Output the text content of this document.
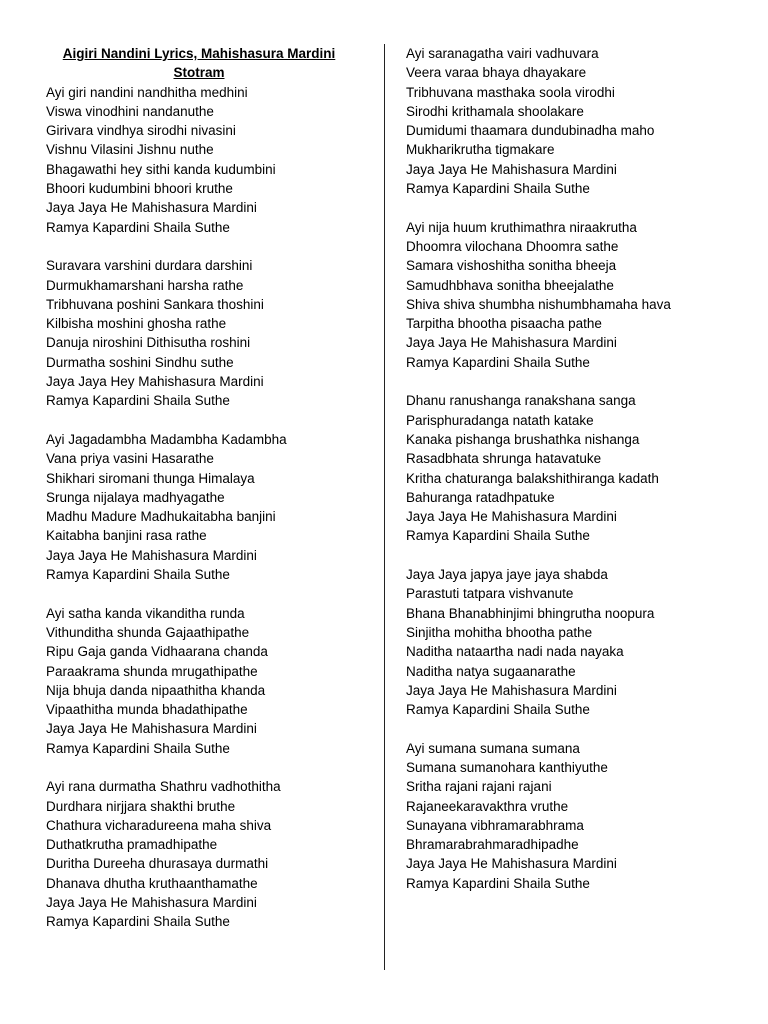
Aigiri Nandini Lyrics, Mahishasura Mardini Stotram
Ayi giri nandini nandhitha medhini
Viswa vinodhini nandanuthe
Girivara vindhya sirodhi nivasini
Vishnu Vilasini Jishnu nuthe
Bhagawathi hey sithi kanda kudumbini
Bhoori kudumbini bhoori kruthe
Jaya Jaya He Mahishasura Mardini
Ramya Kapardini Shaila Suthe
Suravara varshini durdara darshini
Durmukhamarshani harsha rathe
Tribhuvana poshini Sankara thoshini
Kilbisha moshini ghosha rathe
Danuja niroshini Dithisutha roshini
Durmatha soshini Sindhu suthe
Jaya Jaya Hey Mahishasura Mardini
Ramya Kapardini Shaila Suthe
Ayi Jagadambha Madambha Kadambha
Vana priya vasini Hasarathe
Shikhari siromani thunga Himalaya
Srunga nijalaya madhyagathe
Madhu Madure Madhukaitabha banjini
Kaitabha banjini rasa rathe
Jaya Jaya He Mahishasura Mardini
Ramya Kapardini Shaila Suthe
Ayi satha kanda vikanditha runda
Vithunditha shunda Gajaathipathe
Ripu Gaja ganda Vidhaarana chanda
Paraakrama shunda mrugathipathe
Nija bhuja danda nipaathitha khanda
Vipaathitha munda bhadathipathe
Jaya Jaya He Mahishasura Mardini
Ramya Kapardini Shaila Suthe
Ayi rana durmatha Shathru vadhothitha
Durdhara nirjjara shakthi bruthe
Chathura vicharadureena maha shiva
Duthatkrutha pramadhipathe
Duritha Dureeha dhurasaya durmathi
Dhanava dhutha kruthaanthamathe
Jaya Jaya He Mahishasura Mardini
Ramya Kapardini Shaila Suthe
Ayi saranagatha vairi vadhuvara
Veera varaa bhaya dhayakare
Tribhuvana masthaka soola virodhi
Sirodhi krithamala shoolakare
Dumidumi thaamara dundubinadha maho
Mukharikrutha tigmakare
Jaya Jaya He Mahishasura Mardini
Ramya Kapardini Shaila Suthe
Ayi nija huum kruthimathra niraakrutha
Dhoomra vilochana Dhoomra sathe
Samara vishoshitha sonitha bheeja
Samudhbhava sonitha bheejalathe
Shiva shiva shumbha nishumbhamaha hava
Tarpitha bhootha pisaacha pathe
Jaya Jaya He Mahishasura Mardini
Ramya Kapardini Shaila Suthe
Dhanu ranushanga ranakshana sanga
Parisphuradanga natath katake
Kanaka pishanga brushathka nishanga
Rasadbhata shrunga hatavatuke
Kritha chaturanga balakshithiranga kadath
Bahuranga ratadhpatuke
Jaya Jaya He Mahishasura Mardini
Ramya Kapardini Shaila Suthe
Jaya Jaya japya jaye jaya shabda
Parastuti tatpara vishvanute
Bhana Bhanabhinjimi bhingrutha noopura
Sinjitha mohitha bhootha pathe
Naditha nataartha nadi nada nayaka
Naditha natya sugaanarathe
Jaya Jaya He Mahishasura Mardini
Ramya Kapardini Shaila Suthe
Ayi sumana sumana sumana
Sumana sumanohara kanthiyuthe
Sritha rajani rajani rajani
Rajaneekaravakthra vruthe
Sunayana vibhramarabhrama
Bhramarabrahmaradhipadhe
Jaya Jaya He Mahishasura Mardini
Ramya Kapardini Shaila Suthe
